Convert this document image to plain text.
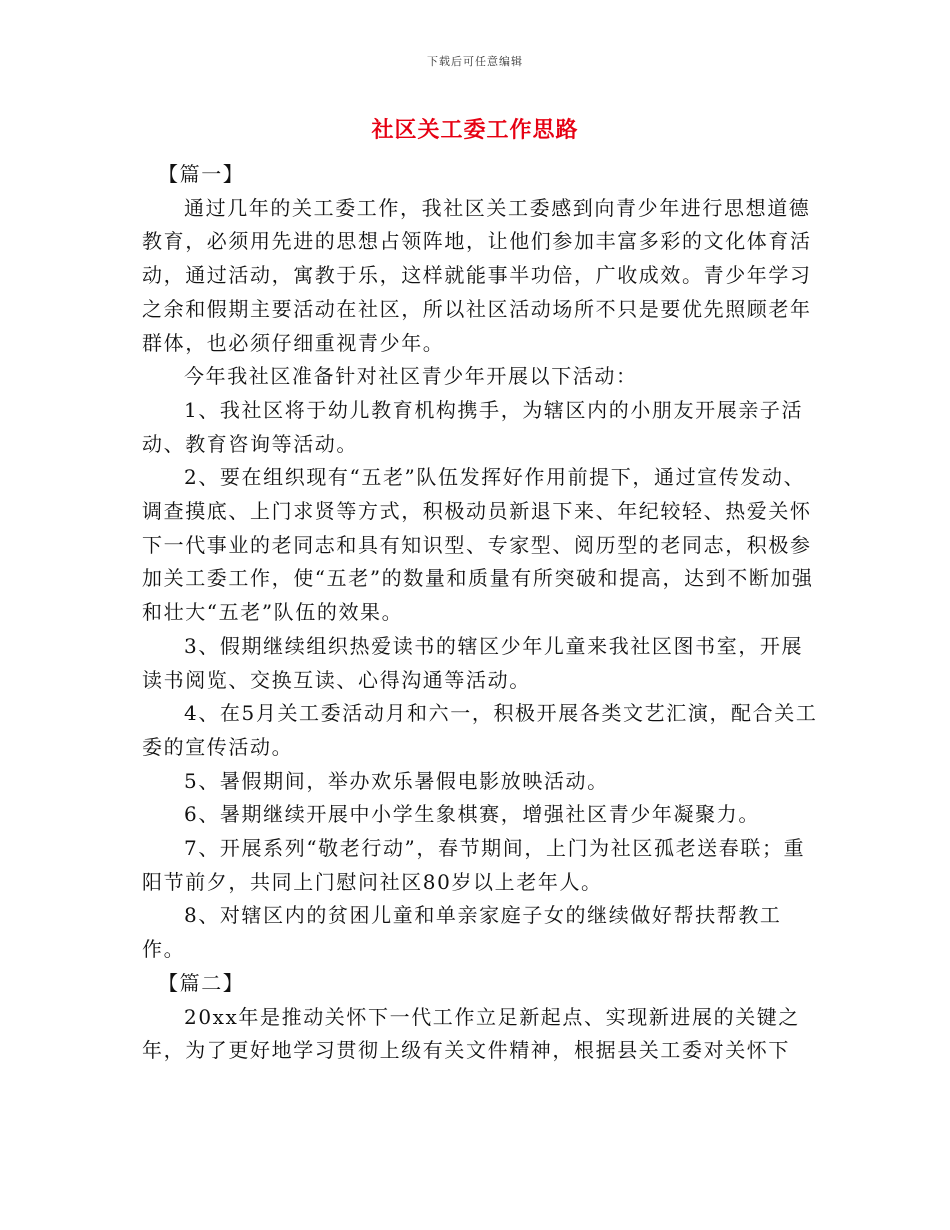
下载后可任意编辑
社区关工委工作思路

【篇一】

通过几年的关工委工作，我社区关工委感到向青少年进行思想道德教育，必须用先进的思想占领阵地，让他们参加丰富多彩的文化体育活动，通过活动，寓教于乐，这样就能事半功倍，广收成效。青少年学习之余和假期主要活动在社区，所以社区活动场所不只是要优先照顾老年群体，也必须仔细重视青少年。

今年我社区准备针对社区青少年开展以下活动：

1、我社区将于幼儿教育机构携手，为辖区内的小朋友开展亲子活动、教育咨询等活动。

2、要在组织现有“五老”队伍发挥好作用前提下，通过宣传发动、调查摸底、上门求贤等方式，积极动员新退下来、年纪较轻、热爱关怀下一代事业的老同志和具有知识型、专家型、阅历型的老同志，积极参加关工委工作，使“五老”的数量和质量有所突破和提高，达到不断加强和壮大“五老”队伍的效果。

3、假期继续组织热爱读书的辖区少年儿童来我社区图书室，开展读书阅览、交换互读、心得沟通等活动。

4、在5月关工委活动月和六一，积极开展各类文艺汇演，配合关工委的宣传活动。

5、暑假期间，举办欢乐暑假电影放映活动。

6、暑期继续开展中小学生象棋赛，增强社区青少年凝聚力。

7、开展系列“敬老行动”，春节期间，上门为社区孤老送春联；重阳节前夕，共同上门慰问社区80岁以上老年人。

8、对辖区内的贫困儿童和单亲家庭子女的继续做好帮扶帮教工作。

【篇二】

20xx年是推动关怀下一代工作立足新起点、实现新进展的关键之年，为了更好地学习贯彻上级有关文件精神，根据县关工委对关怀下
